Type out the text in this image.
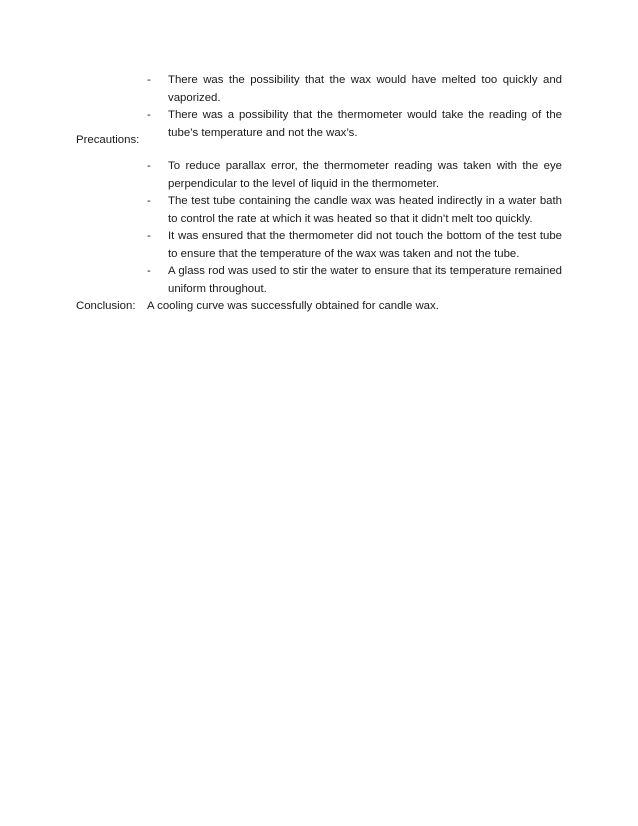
- There was the possibility that the wax would have melted too quickly and vaporized.

- There was a possibility that the thermometer would take the reading of the tube’s temperature and not the wax’s.

Precautions:

- To reduce parallax error, the thermometer reading was taken with the eye perpendicular to the level of liquid in the thermometer.

- The test tube containing the candle wax was heated indirectly in a water bath to control the rate at which it was heated so that it didn’t melt too quickly.

- It was ensured that the thermometer did not touch the bottom of the test tube to ensure that the temperature of the wax was taken and not the tube.

- A glass rod was used to stir the water to ensure that its temperature remained uniform throughout.

Conclusion: A cooling curve was successfully obtained for candle wax.
